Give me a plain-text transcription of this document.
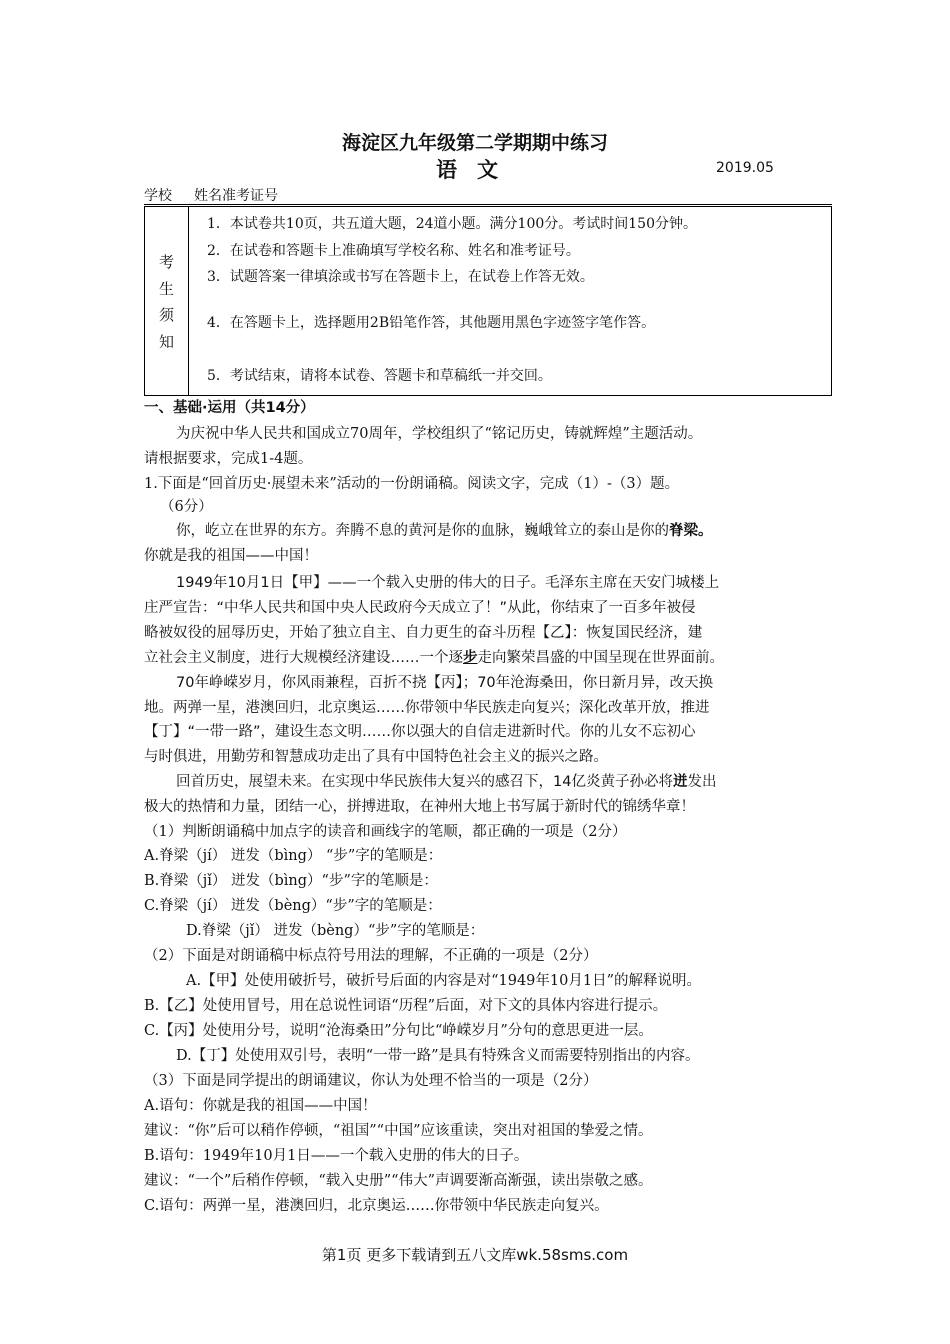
海淀区九年级第二学期期中练习
语文	2019.05
学校 姓名准考证号
考
生
须
知
1．本试卷共10页，共五道大题，24道小题。满分100分。考试时间150分钟。
2．在试卷和答题卡上准确填写学校名称、姓名和准考证号。
3．试题答案一律填涂或书写在答题卡上，在试卷上作答无效。
4．在答题卡上，选择题用2B铅笔作答，其他题用黑色字迹签字笔作答。
5．考试结束，请将本试卷、答题卡和草稿纸一并交回。
一、基础·运用（共14分）
为庆祝中华人民共和国成立70周年，学校组织了“铭记历史，铸就辉煌”主题活动。
请根据要求，完成1-4题。
1.下面是“回首历史·展望未来”活动的一份朗诵稿。阅读文字，完成（1）-（3）题。
（6分）
你，屹立在世界的东方。奔腾不息的黄河是你的血脉，巍峨耸立的泰山是你的脊梁。
你就是我的祖国——中国！
1949年10月1日【甲】——一个载入史册的伟大的日子。毛泽东主席在天安门城楼上
庄严宣告：“中华人民共和国中央人民政府今天成立了！”从此，你结束了一百多年被侵
略被奴役的屈辱历史，开始了独立自主、自力更生的奋斗历程【乙】：恢复国民经济，建
立社会主义制度，进行大规模经济建设……一个逐步走向繁荣昌盛的中国呈现在世界面前。
70年峥嵘岁月，你风雨兼程，百折不挠【丙】；70年沧海桑田，你日新月异，改天换
地。两弹一星，港澳回归，北京奥运……你带领中华民族走向复兴；深化改革开放，推进
【丁】“一带一路”，建设生态文明……你以强大的自信走进新时代。你的儿女不忘初心
与时俱进，用勤劳和智慧成功走出了具有中国特色社会主义的振兴之路。
回首历史，展望未来。在实现中华民族伟大复兴的感召下，14亿炎黄子孙必将迸发出
极大的热情和力量，团结一心，拼搏进取，在神州大地上书写属于新时代的锦绣华章！
（1）判断朗诵稿中加点字的读音和画线字的笔顺，都正确的一项是（2分）
A.脊梁（jí） 迸发（bìng） “步”字的笔顺是：
B.脊梁（jǐ） 迸发（bìng）“步”字的笔顺是：
C.脊梁（jí） 迸发（bèng）“步”字的笔顺是：
D.脊梁（jǐ） 迸发（bèng）“步”字的笔顺是：
（2）下面是对朗诵稿中标点符号用法的理解，不正确的一项是（2分）
A.【甲】处使用破折号，破折号后面的内容是对“1949年10月1日”的解释说明。
B.【乙】处使用冒号，用在总说性词语“历程”后面，对下文的具体内容进行提示。
C.【丙】处使用分号，说明“沧海桑田”分句比“峥嵘岁月”分句的意思更进一层。
D.【丁】处使用双引号，表明“一带一路”是具有特殊含义而需要特别指出的内容。
（3）下面是同学提出的朗诵建议，你认为处理不恰当的一项是（2分）
A.语句：你就是我的祖国——中国！
建议：“你”后可以稍作停顿，“祖国”“中国”应该重读，突出对祖国的挚爱之情。
B.语句：1949年10月1日——一个载入史册的伟大的日子。
建议：“一个”后稍作停顿，“载入史册”“伟大”声调要渐高渐强，读出崇敬之感。
C.语句：两弹一星，港澳回归，北京奥运……你带领中华民族走向复兴。
第1页 更多下载请到五八文库wk.58sms.com
